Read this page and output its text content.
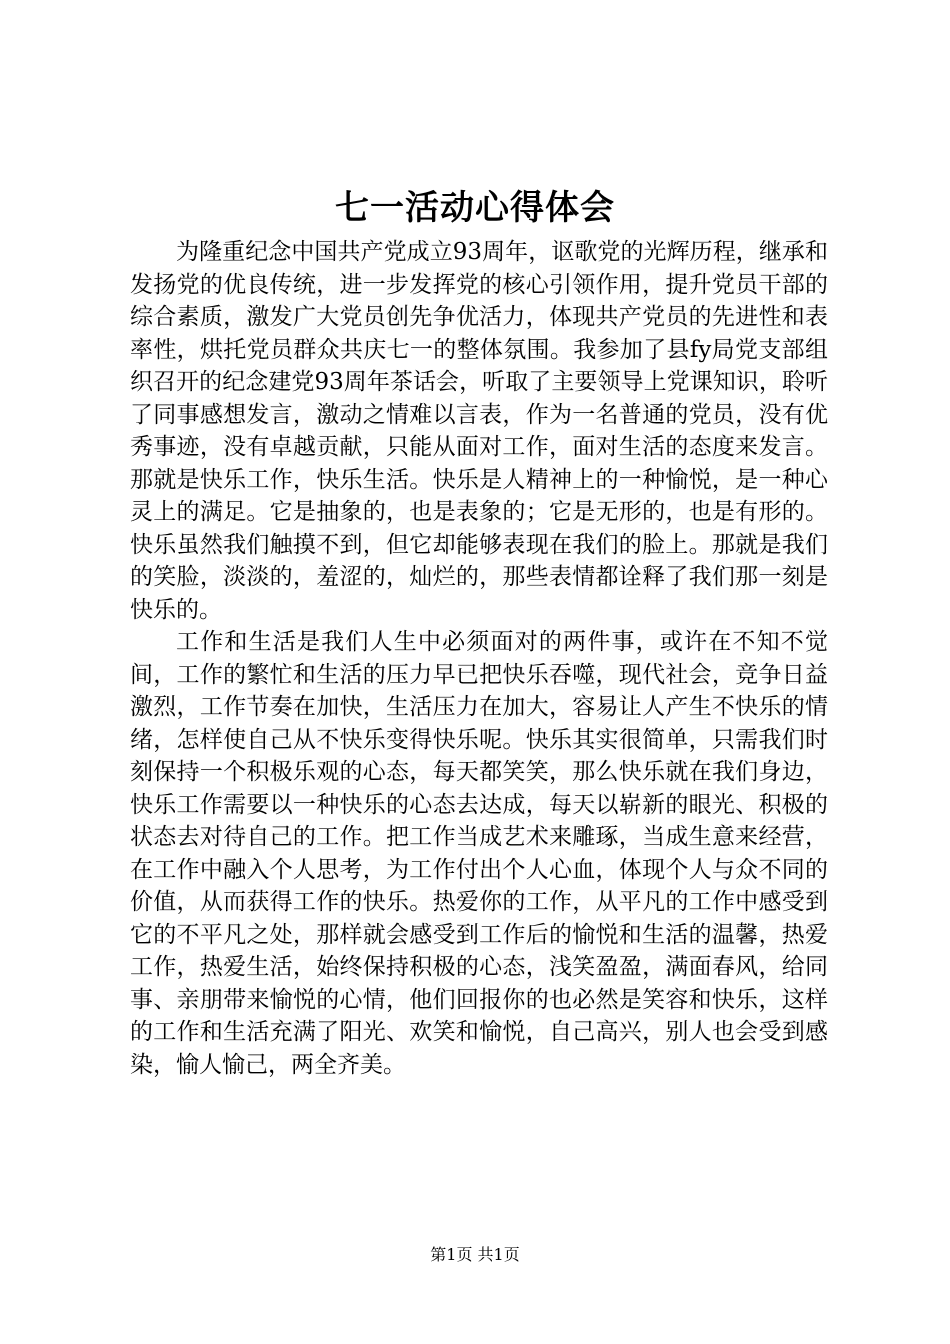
七一活动心得体会

为隆重纪念中国共产党成立93周年，讴歌党的光辉历程，继承和发扬党的优良传统，进一步发挥党的核心引领作用，提升党员干部的综合素质，激发广大党员创先争优活力，体现共产党员的先进性和表率性，烘托党员群众共庆七一的整体氛围。我参加了县fy局党支部组织召开的纪念建党93周年茶话会，听取了主要领导上党课知识，聆听了同事感想发言，激动之情难以言表，作为一名普通的党员，没有优秀事迹，没有卓越贡献，只能从面对工作，面对生活的态度来发言。那就是快乐工作，快乐生活。快乐是人精神上的一种愉悦，是一种心灵上的满足。它是抽象的，也是表象的；它是无形的，也是有形的。快乐虽然我们触摸不到，但它却能够表现在我们的脸上。那就是我们的笑脸，淡淡的，羞涩的，灿烂的，那些表情都诠释了我们那一刻是快乐的。

工作和生活是我们人生中必须面对的两件事，或许在不知不觉间，工作的繁忙和生活的压力早已把快乐吞噬，现代社会，竞争日益激烈，工作节奏在加快，生活压力在加大，容易让人产生不快乐的情绪，怎样使自己从不快乐变得快乐呢。快乐其实很简单，只需我们时刻保持一个积极乐观的心态，每天都笑笑，那么快乐就在我们身边，快乐工作需要以一种快乐的心态去达成，每天以崭新的眼光、积极的状态去对待自己的工作。把工作当成艺术来雕琢，当成生意来经营，在工作中融入个人思考，为工作付出个人心血，体现个人与众不同的价值，从而获得工作的快乐。热爱你的工作，从平凡的工作中感受到它的不平凡之处，那样就会感受到工作后的愉悦和生活的温馨，热爱工作，热爱生活，始终保持积极的心态，浅笑盈盈，满面春风，给同事、亲朋带来愉悦的心情，他们回报你的也必然是笑容和快乐，这样的工作和生活充满了阳光、欢笑和愉悦，自己高兴，别人也会受到感染，愉人愉己，两全齐美。

第1页 共1页
